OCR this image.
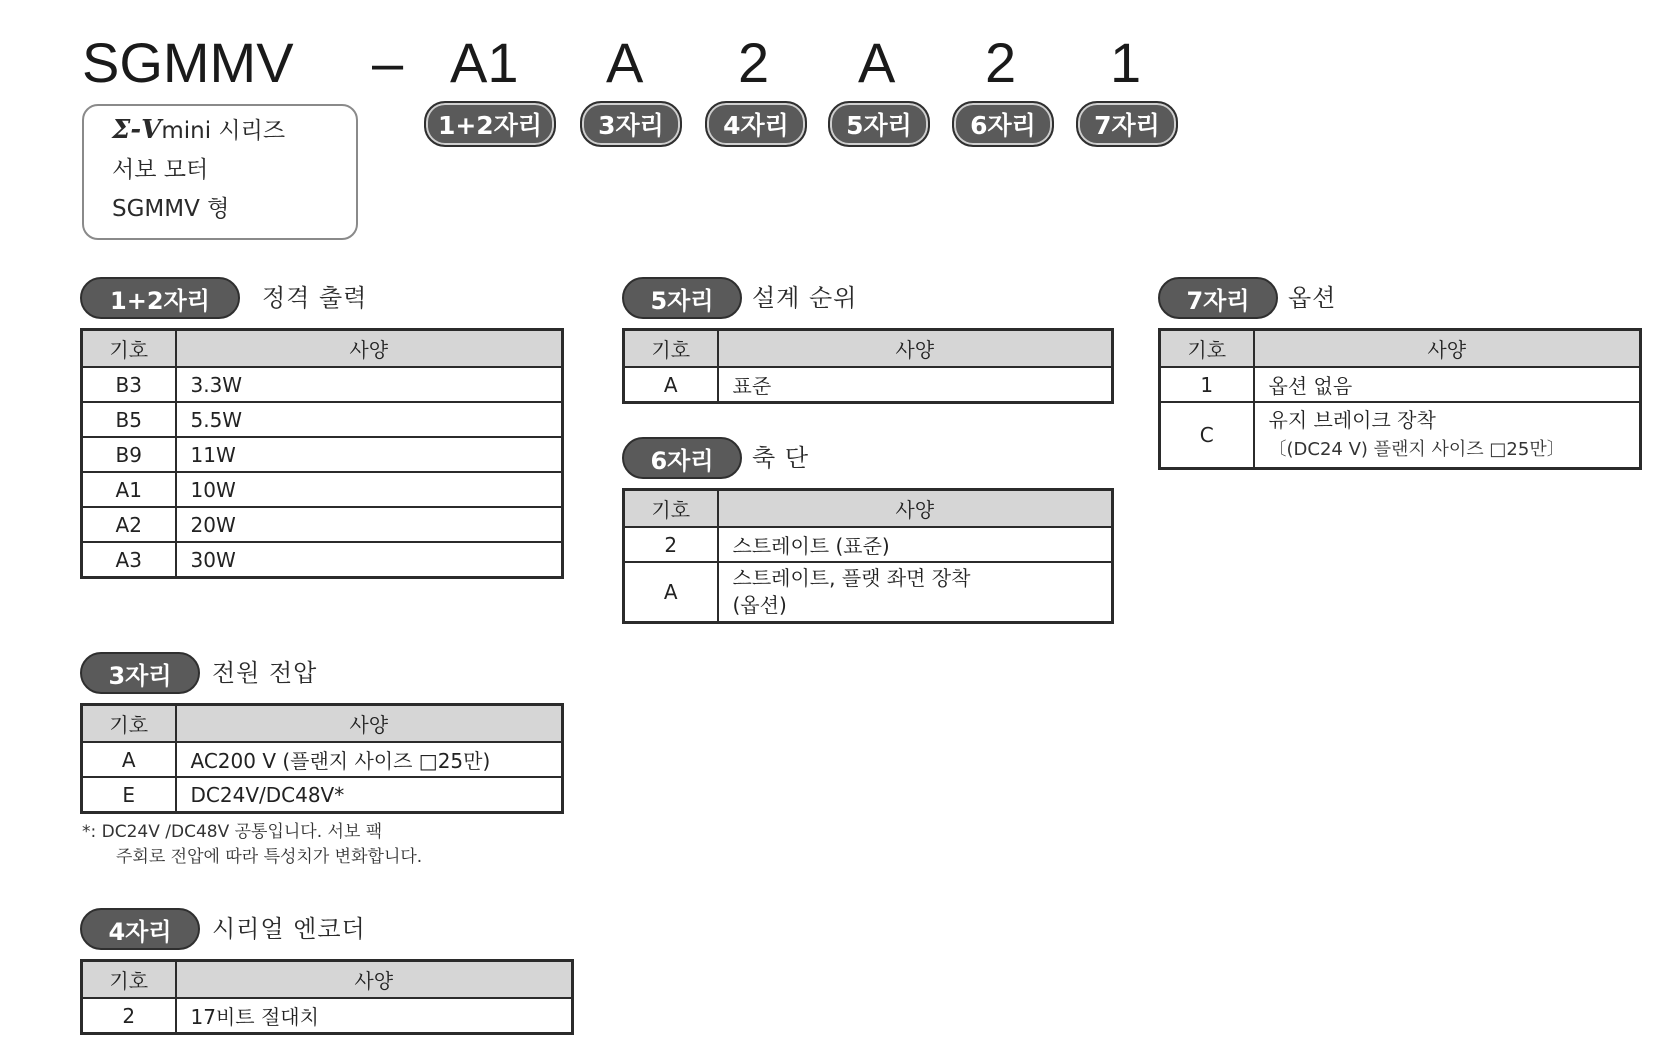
SGMMV – A1 A 2 A 2 1
1+2자리	3자리	4자리	5자리	6자리	7자리
Σ-Vmini 시리즈
서보 모터
SGMMV 형
1+2자리	정격 출력
기호	사양
B3	3.3W
B5	5.5W
B9	11W
A1	10W
A2	20W
A3	30W
3자리	전원 전압
기호	사양
A	AC200 V (플랜지 사이즈 □25만)
E	DC24V/DC48V*
*: DC24V /DC48V 공통입니다. 서보 팩
주회로 전압에 따라 특성치가 변화합니다.
4자리	시리얼 엔코더
기호	사양
2	17비트 절대치
5자리	설계 순위
기호	사양
A	표준
6자리	축 단
기호	사양
2	스트레이트 (표준)
A	스트레이트, 플랫 좌면 장착
(옵션)
7자리	옵션
기호	사양
1	옵션 없음
C	유지 브레이크 장착
〔(DC24 V) 플랜지 사이즈 □25만〕
